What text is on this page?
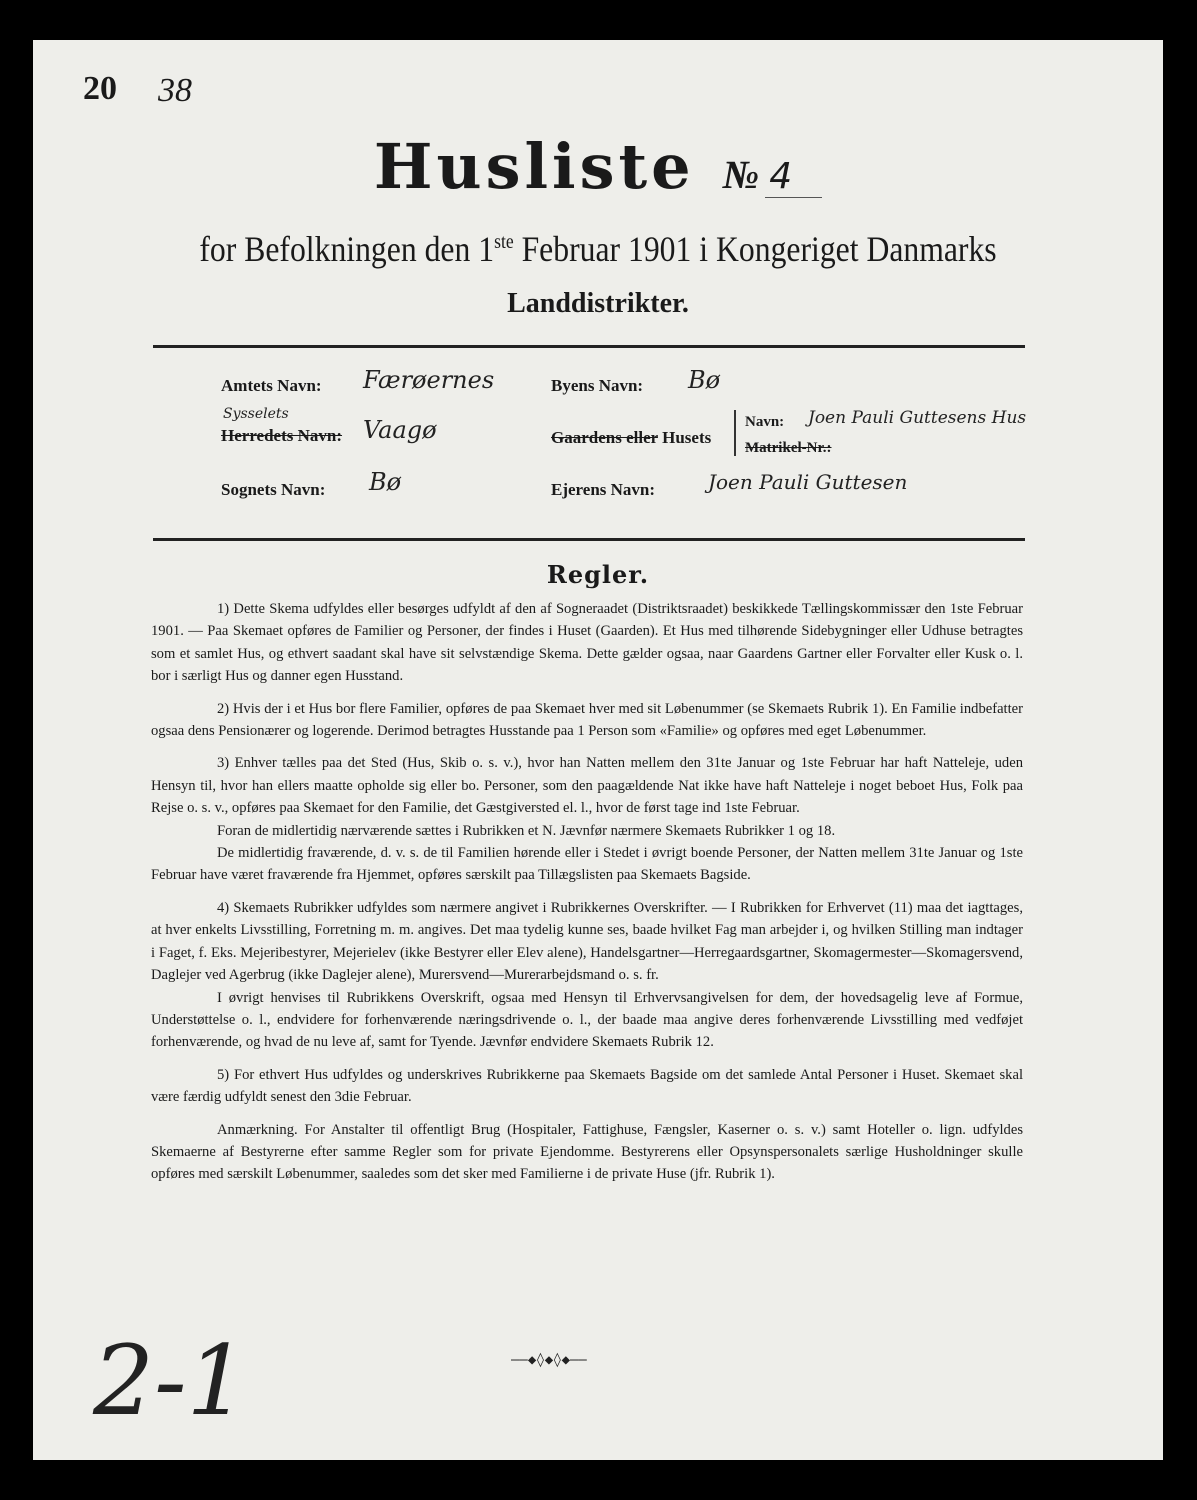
20 38
Husliste № 4
for Befolkningen den 1ste Februar 1901 i Kongeriget Danmarks
Landdistrikter.
Amtets Navn: Færøernes
Sysselets
Herredets Navn: Vaagø
Sognets Navn: Bø
Byens Navn: Bø
Gaardens eller Husets
Navn: Joen Pauli Guttesens Hus
Matrikel-Nr.:
Ejerens Navn:	Joen Pauli Guttesen
Regler.

1) Dette Skema udfyldes eller besørges udfyldt af den af Sogneraadet (Distriktsraadet) beskikkede Tællingskommissær den 1ste Februar 1901. — Paa Skemaet opføres de Familier og Personer, der findes i Huset (Gaarden). Et Hus med tilhørende Sidebygninger eller Udhuse betragtes som et samlet Hus, og ethvert saadant skal have sit selvstændige Skema. Dette gælder ogsaa, naar Gaardens Gartner eller Forvalter eller Kusk o. l. bor i særligt Hus og danner egen Husstand.

2) Hvis der i et Hus bor flere Familier, opføres de paa Skemaet hver med sit Løbenummer (se Skemaets Rubrik 1). En Familie indbefatter ogsaa dens Pensionærer og logerende. Derimod betragtes Husstande paa 1 Person som «Familie» og opføres med eget Løbenummer.

3) Enhver tælles paa det Sted (Hus, Skib o. s. v.), hvor han Natten mellem den 31te Januar og 1ste Februar har haft Natteleje, uden Hensyn til, hvor han ellers maatte opholde sig eller bo. Personer, som den paagældende Nat ikke have haft Natteleje i noget beboet Hus, Folk paa Rejse o. s. v., opføres paa Skemaet for den Familie, det Gæstgiversted el. l., hvor de først tage ind 1ste Februar.

Foran de midlertidig nærværende sættes i Rubrikken et N. Jævnfør nærmere Skemaets Rubrikker 1 og 18.

De midlertidig fraværende, d. v. s. de til Familien hørende eller i Stedet i øvrigt boende Personer, der Natten mellem 31te Januar og 1ste Februar have været fraværende fra Hjemmet, opføres særskilt paa Tillægslisten paa Skemaets Bagside.

4) Skemaets Rubrikker udfyldes som nærmere angivet i Rubrikkernes Overskrifter. — I Rubrikken for Erhvervet (11) maa det iagttages, at hver enkelts Livsstilling, Forretning m. m. angives. Det maa tydelig kunne ses, baade hvilket Fag man arbejder i, og hvilken Stilling man indtager i Faget, f. Eks. Mejeribestyrer, Mejerielev (ikke Bestyrer eller Elev alene), Handelsgartner—Herregaardsgartner, Skomagermester—Skomagersvend, Daglejer ved Agerbrug (ikke Daglejer alene), Murersvend—Murerarbejdsmand o. s. fr.

I øvrigt henvises til Rubrikkens Overskrift, ogsaa med Hensyn til Erhvervsangivelsen for dem, der hovedsagelig leve af Formue, Understøttelse o. l., endvidere for forhenværende næringsdrivende o. l., der baade maa angive deres forhenværende Livsstilling med vedføjet forhenværende, og hvad de nu leve af, samt for Tyende. Jævnfør endvidere Skemaets Rubrik 12.

5) For ethvert Hus udfyldes og underskrives Rubrikkerne paa Skemaets Bagside om det samlede Antal Personer i Huset. Skemaet skal være færdig udfyldt senest den 3die Februar.

Anmærkning. For Anstalter til offentligt Brug (Hospitaler, Fattighuse, Fængsler, Kaserner o. s. v.) samt Hoteller o. lign. udfyldes Skemaerne af Bestyrerne efter samme Regler som for private Ejendomme. Bestyrerens eller Opsynspersonalets særlige Husholdninger skulle opføres med særskilt Løbenummer, saaledes som det sker med Familierne i de private Huse (jfr. Rubrik 1).

2-1	——◆◊◆◊◆——
